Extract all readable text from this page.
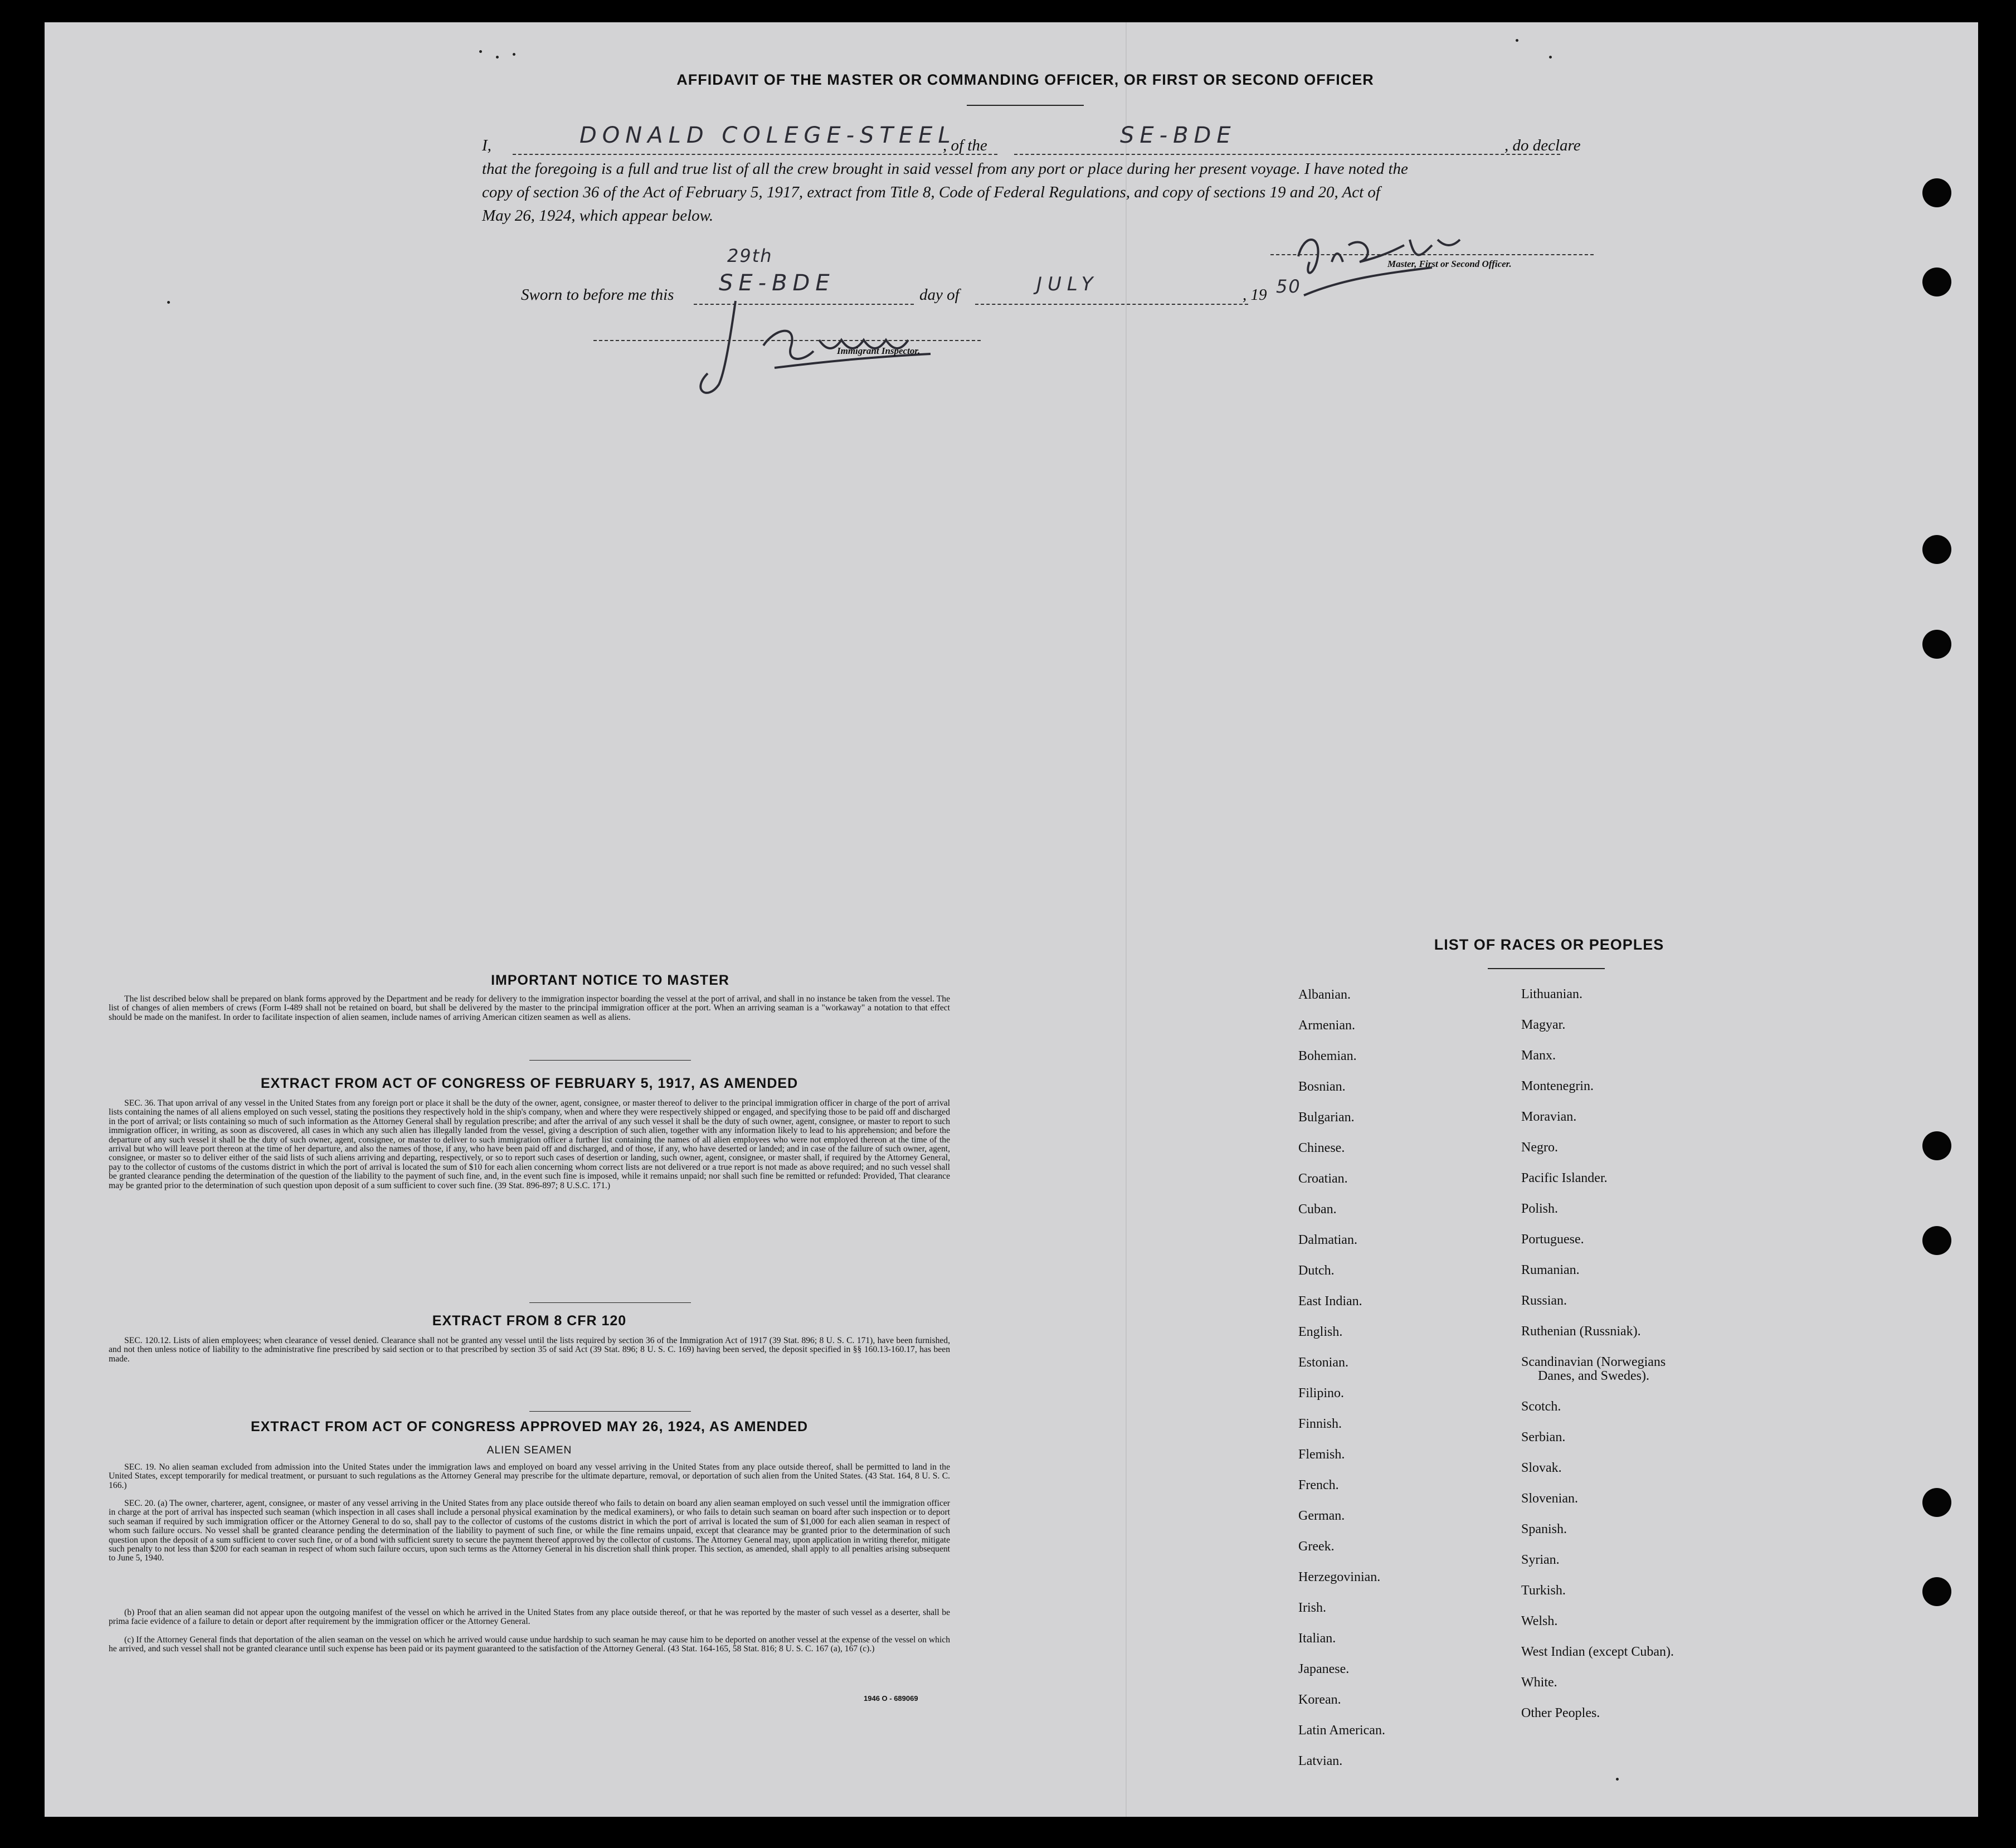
AFFIDAVIT OF THE MASTER OR COMMANDING OFFICER, OR FIRST OR SECOND OFFICER
I,	DONALD COLEGE-STEEL
, of the	SE-BDE	, do declare
that the foregoing is a full and true list of all the crew brought in said vessel from any port or place during her present voyage. I have noted the
copy of section 36 of the Act of February 5, 1917, extract from Title 8, Code of Federal Regulations, and copy of sections 19 and 20, Act of
May 26, 1924, which appear below.
Sworn to before me this
29th
SE-BDE	day of	JULY	, 19 50
Master, First or Second Officer.
Immigrant Inspector.
IMPORTANT NOTICE TO MASTER
The list described below shall be prepared on blank forms approved by the Department and be ready for delivery to the immigration inspector boarding the vessel at the port of arrival, and shall in no instance be taken from the vessel. The list of changes of alien members of crews (Form I-489 shall not be retained on board, but shall be delivered by the master to the principal immigration officer at the port. When an arriving seaman is a "workaway" a notation to that effect should be made on the manifest. In order to facilitate inspection of alien seamen, include names of arriving American citizen seamen as well as aliens.
EXTRACT FROM ACT OF CONGRESS OF FEBRUARY 5, 1917, AS AMENDED
SEC. 36. That upon arrival of any vessel in the United States from any foreign port or place it shall be the duty of the owner, agent, consignee, or master thereof to deliver to the principal immigration officer in charge of the port of arrival lists containing the names of all aliens employed on such vessel, stating the positions they respectively hold in the ship's company, when and where they were respectively shipped or engaged, and specifying those to be paid off and discharged in the port of arrival; or lists containing so much of such information as the Attorney General shall by regulation prescribe; and after the arrival of any such vessel it shall be the duty of such owner, agent, consignee, or master to report to such immigration officer, in writing, as soon as discovered, all cases in which any such alien has illegally landed from the vessel, giving a description of such alien, together with any information likely to lead to his apprehension; and before the departure of any such vessel it shall be the duty of such owner, agent, consignee, or master to deliver to such immigration officer a further list containing the names of all alien employees who were not employed thereon at the time of the arrival but who will leave port thereon at the time of her departure, and also the names of those, if any, who have been paid off and discharged, and of those, if any, who have deserted or landed; and in case of the failure of such owner, agent, consignee, or master so to deliver either of the said lists of such aliens arriving and departing, respectively, or so to report such cases of desertion or landing, such owner, agent, consignee, or master shall, if required by the Attorney General, pay to the collector of customs of the customs district in which the port of arrival is located the sum of $10 for each alien concerning whom correct lists are not delivered or a true report is not made as above required; and no such vessel shall be granted clearance pending the determination of the question of the liability to the payment of such fine, and, in the event such fine is imposed, while it remains unpaid; nor shall such fine be remitted or refunded: Provided, That clearance may be granted prior to the determination of such question upon deposit of a sum sufficient to cover such fine. (39 Stat. 896-897; 8 U.S.C. 171.)
EXTRACT FROM 8 CFR 120
SEC. 120.12. Lists of alien employees; when clearance of vessel denied. Clearance shall not be granted any vessel until the lists required by section 36 of the Immigration Act of 1917 (39 Stat. 896; 8 U. S. C. 171), have been furnished, and not then unless notice of liability to the administrative fine prescribed by said section or to that prescribed by section 35 of said Act (39 Stat. 896; 8 U. S. C. 169) having been served, the deposit specified in §§ 160.13-160.17, has been made.
EXTRACT FROM ACT OF CONGRESS APPROVED MAY 26, 1924, AS AMENDED
ALIEN SEAMEN
SEC. 19. No alien seaman excluded from admission into the United States under the immigration laws and employed on board any vessel arriving in the United States from any place outside thereof, shall be permitted to land in the United States, except temporarily for medical treatment, or pursuant to such regulations as the Attorney General may prescribe for the ultimate departure, removal, or deportation of such alien from the United States. (43 Stat. 164, 8 U. S. C. 166.)
SEC. 20. (a) The owner, charterer, agent, consignee, or master of any vessel arriving in the United States from any place outside thereof who fails to detain on board any alien seaman employed on such vessel until the immigration officer in charge at the port of arrival has inspected such seaman (which inspection in all cases shall include a personal physical examination by the medical examiners), or who fails to detain such seaman on board after such inspection or to deport such seaman if required by such immigration officer or the Attorney General to do so, shall pay to the collector of customs of the customs district in which the port of arrival is located the sum of $1,000 for each alien seaman in respect of whom such failure occurs. No vessel shall be granted clearance pending the determination of the liability to payment of such fine, or while the fine remains unpaid, except that clearance may be granted prior to the determination of such question upon the deposit of a sum sufficient to cover such fine, or of a bond with sufficient surety to secure the payment thereof approved by the collector of customs. The Attorney General may, upon application in writing therefor, mitigate such penalty to not less than $200 for each seaman in respect of whom such failure occurs, upon such terms as the Attorney General in his discretion shall think proper. This section, as amended, shall apply to all penalties arising subsequent to June 5, 1940.
(b) Proof that an alien seaman did not appear upon the outgoing manifest of the vessel on which he arrived in the United States from any place outside thereof, or that he was reported by the master of such vessel as a deserter, shall be prima facie evidence of a failure to detain or deport after requirement by the immigration officer or the Attorney General.
(c) If the Attorney General finds that deportation of the alien seaman on the vessel on which he arrived would cause undue hardship to such seaman he may cause him to be deported on another vessel at the expense of the vessel on which he arrived, and such vessel shall not be granted clearance until such expense has been paid or its payment guaranteed to the satisfaction of the Attorney General. (43 Stat. 164-165, 58 Stat. 816; 8 U. S. C. 167 (a), 167 (c).)
1946 O - 689069
LIST OF RACES OR PEOPLES
Albanian.
Armenian.
Bohemian.
Bosnian.
Bulgarian.
Chinese.
Croatian.
Cuban.
Dalmatian.
Dutch.
East Indian.
English.
Estonian.
Filipino.
Finnish.
Flemish.
French.
German.
Greek.
Herzegovinian.
Irish.
Italian.
Japanese.
Korean.
Latin American.
Latvian.
Lithuanian.
Magyar.
Manx.
Montenegrin.
Moravian.
Negro.
Pacific Islander.
Polish.
Portuguese.
Rumanian.
Russian.
Ruthenian (Russniak).
Scandinavian (Norwegians
Danes, and Swedes).
Scotch.
Serbian.
Slovak.
Slovenian.
Spanish.
Syrian.
Turkish.
Welsh.
West Indian (except Cuban).
White.
Other Peoples.
